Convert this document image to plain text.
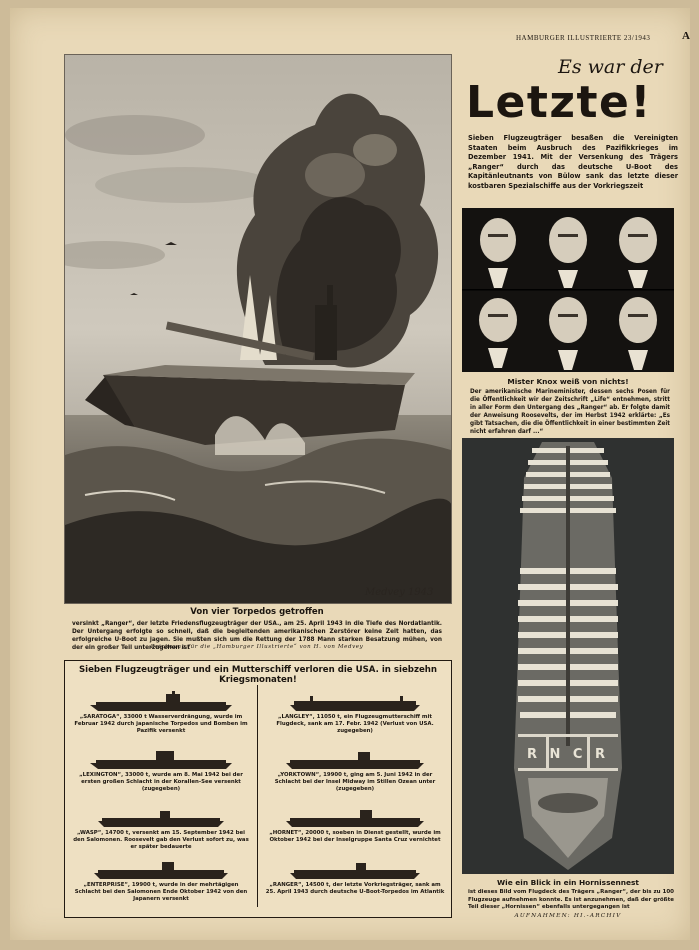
HAMBURGER ILLUSTRIERTE 23/1943	A
Medvey 1943
Von vier Torpedos getroffen
versinkt „Ranger“, der letzte Friedensflugzeugträger der USA., am 25. April 1943 in die Tiefe des Nordatlantik. Der Untergang erfolgte so schnell, daß die begleitenden amerikanischen Zerstörer keine Zeit hatten, das erfolgreiche U-Boot zu jagen. Sie mußten sich um die Rettung der 1788 Mann starken Besatzung mühen, von der ein großer Teil unterzugehen ist
Zeichnung für die „Hamburger Illustrierte“ von H. von Medvey
Sieben Flugzeugträger und ein Mutterschiff verloren die USA. in siebzehn Kriegsmonaten!
„SARATOGA“, 33000 t Wasserverdrängung, wurde im Februar 1942 durch japanische Torpedos und Bomben im Pazifik versenkt
„LEXINGTON“, 33000 t, wurde am 8. Mai 1942 bei der ersten großen Schlacht in der Korallen-See versenkt (zugegeben)
„WASP“, 14700 t, versenkt am 15. September 1942 bei den Salomonen. Roosevelt gab den Verlust sofort zu, was er später bedauerte
„ENTERPRISE“, 19900 t, wurde in der mehrtägigen Schlacht bei den Salomonen Ende Oktober 1942 von den Japanern versenkt
„LANGLEY“, 11050 t, ein Flugzeugmutterschiff mit Flugdeck, sank am 17. Febr. 1942 (Verlust von USA. zugegeben)
„YORKTOWN“, 19900 t, ging am 5. Juni 1942 in der Schlacht bei der Insel Midway im Stillen Ozean unter (zugegeben)
„HORNET“, 20000 t, soeben in Dienst gestellt, wurde im Oktober 1942 bei der Inselgruppe Santa Cruz vernichtet
„RANGER“, 14500 t, der letzte Vorkriegsträger, sank am 25. April 1943 durch deutsche U-Boot-Torpedos im Atlantik
Es war der
Letzte!
Sieben Flugzeugträger besaßen die Vereinigten Staaten beim Ausbruch des Pazifikkrieges im Dezember 1941. Mit der Versenkung des Trägers „Ranger“ durch das deutsche U-Boot des Kapitänleutnants von Bülow sank das letzte dieser kostbaren Spezialschiffe aus der Vorkriegszeit
Mister Knox weiß von nichts!
Der amerikanische Marineminister, dessen sechs Posen für die Öffentlichkeit wir der Zeitschrift „Life“ entnehmen, stritt in aller Form den Untergang des „Ranger“ ab. Er folgte damit der Anweisung Roosevelts, der im Herbst 1942 erklärte: „Es gibt Tatsachen, die die Öffentlichkeit in einer bestimmten Zeit nicht erfahren darf ...“
R N C R
Wie ein Blick in ein Hornissennest
ist dieses Bild vom Flugdeck des Trägers „Ranger“, der bis zu 100 Flugzeuge aufnehmen konnte. Es ist anzunehmen, daß der größte Teil dieser „Hornissen“ ebenfalls untergegangen ist
AUFNAHMEN: HI.-ARCHIV
